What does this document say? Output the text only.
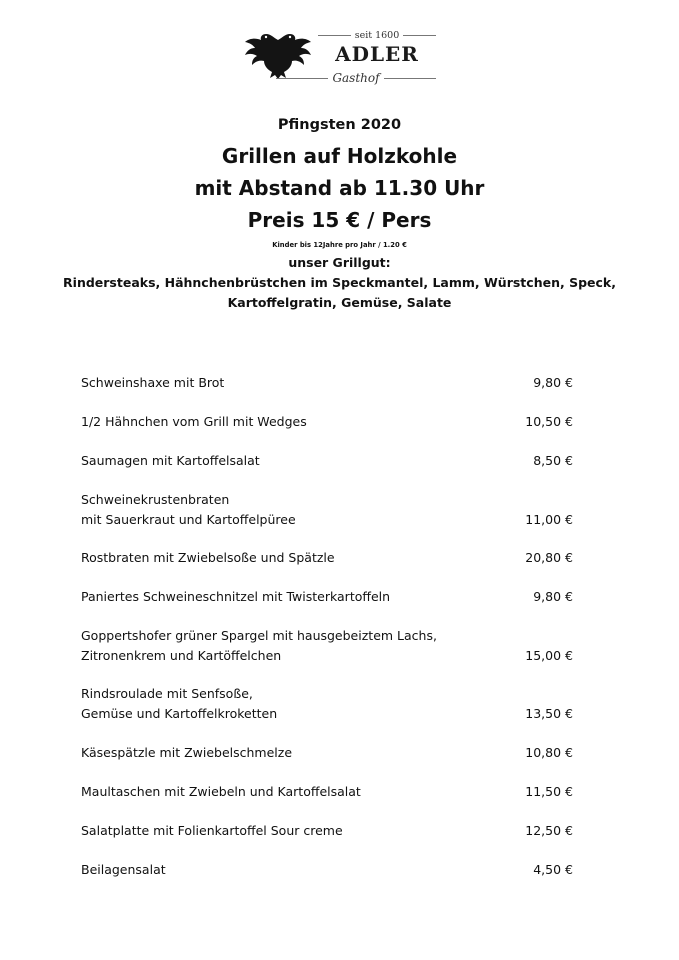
seit 1600
ADLER
Gasthof
Pfingsten 2020
Grillen auf Holzkohle
mit Abstand ab 11.30 Uhr
Preis 15 € / Pers
Kinder bis 12Jahre pro Jahr / 1.20 €
unser Grillgut:
Rindersteaks, Hähnchenbrüstchen im Speckmantel, Lamm, Würstchen, Speck,
Kartoffelgratin, Gemüse, Salate
Schweinshaxe mit Brot	9,80 €
1/2 Hähnchen vom Grill mit Wedges	10,50 €
Saumagen mit Kartoffelsalat	8,50 €
Schweinekrustenbraten
mit Sauerkraut und Kartoffelpüree	11,00 €
Rostbraten mit Zwiebelsoße und Spätzle	20,80 €
Paniertes Schweineschnitzel mit Twisterkartoffeln	9,80 €
Goppertshofer grüner Spargel mit hausgebeiztem Lachs,
Zitronenkrem und Kartöffelchen	15,00 €
Rindsroulade mit Senfsoße,
Gemüse und Kartoffelkroketten	13,50 €
Käsespätzle mit Zwiebelschmelze	10,80 €
Maultaschen mit Zwiebeln und Kartoffelsalat	11,50 €
Salatplatte mit Folienkartoffel Sour creme	12,50 €
Beilagensalat	4,50 €
